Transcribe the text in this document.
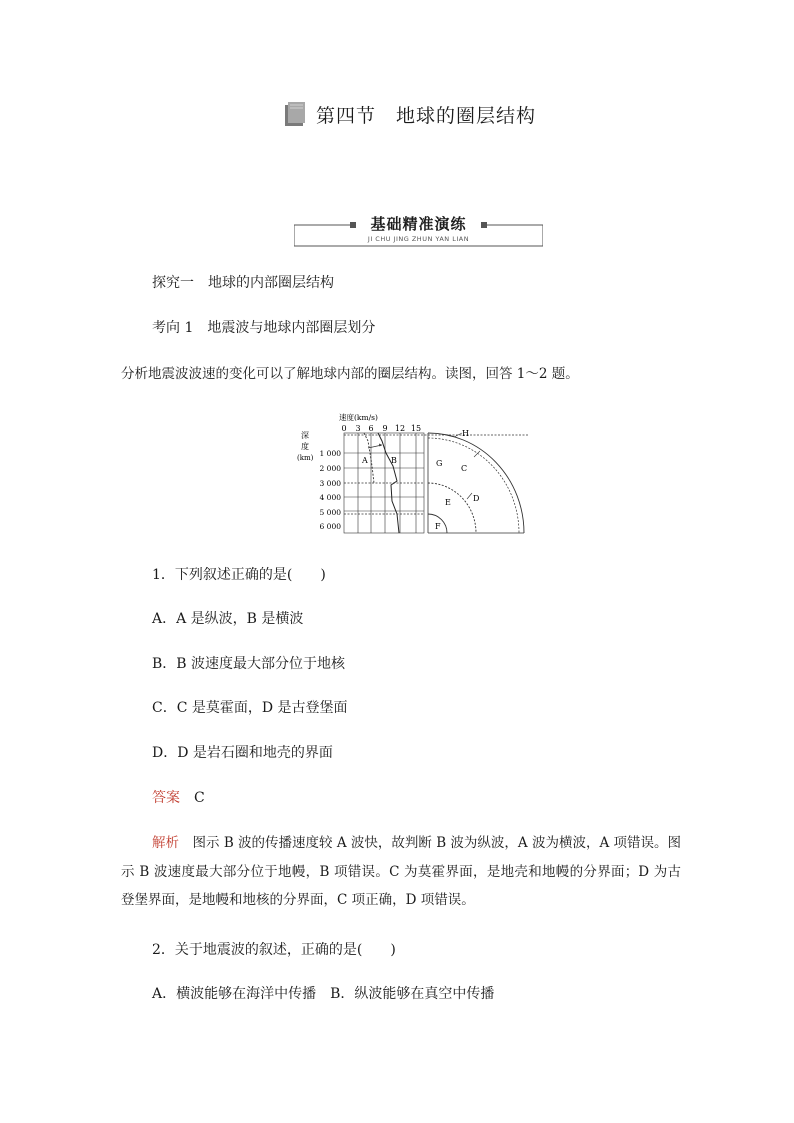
第四节　地球的圈层结构
基础精准演练
JI CHU JING ZHUN YAN LIAN
探究一　地球的内部圈层结构
考向 1　地震波与地球内部圈层划分
分析地震波波速的变化可以了解地球内部的圈层结构。读图，回答 1～2 题。
速度(km/s)
0 3 6 9 12 15
深
度
(km) 1 000
2 000
3 000
4 000
5 000
6 000
A	B
H
G
C
E	D
F
1．下列叙述正确的是(　　)
A．A 是纵波，B 是横波
B．B 波速度最大部分位于地核
C．C 是莫霍面，D 是古登堡面
D．D 是岩石圈和地壳的界面
答案　 C
解析　 图示 B 波的传播速度较 A 波快，故判断 B 波为纵波，A 波为横波，A 项错误。图示 B 波速度最大部分位于地幔，B 项错误。C 为莫霍界面，是地壳和地幔的分界面；D 为古登堡界面，是地幔和地核的分界面，C 项正确，D 项错误。
2．关于地震波的叙述，正确的是(　　)
A．横波能够在海洋中传播　B．纵波能够在真空中传播
